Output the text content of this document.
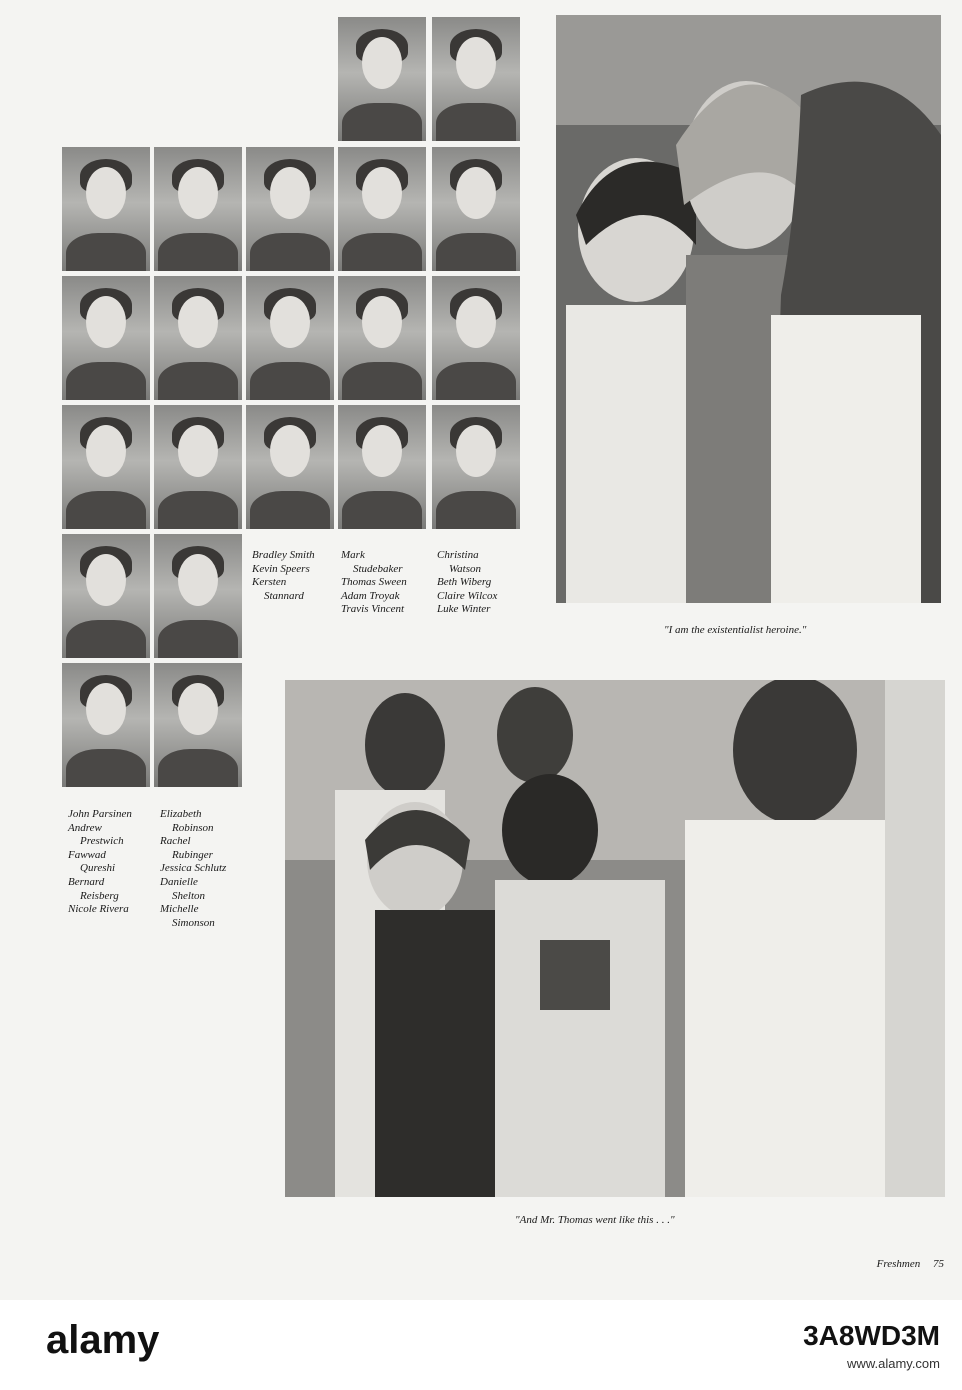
Bradley Smith
Kevin Speers
Kersten
Stannard
Mark
Studebaker
Thomas Sween
Adam Troyak
Travis Vincent
Christina
Watson
Beth Wiberg
Claire Wilcox
Luke Winter
John Parsinen
Andrew
Prestwich
Fawwad
Qureshi
Bernard
Reisberg
Nicole Rivera
Elizabeth
Robinson
Rachel
Rubinger
Jessica Schlutz
Danielle
Shelton
Michelle
Simonson
"I am the existentialist heroine."
"And Mr. Thomas went like this . . ."
Freshmen 75
alamy	3A8WD3M
www.alamy.com
